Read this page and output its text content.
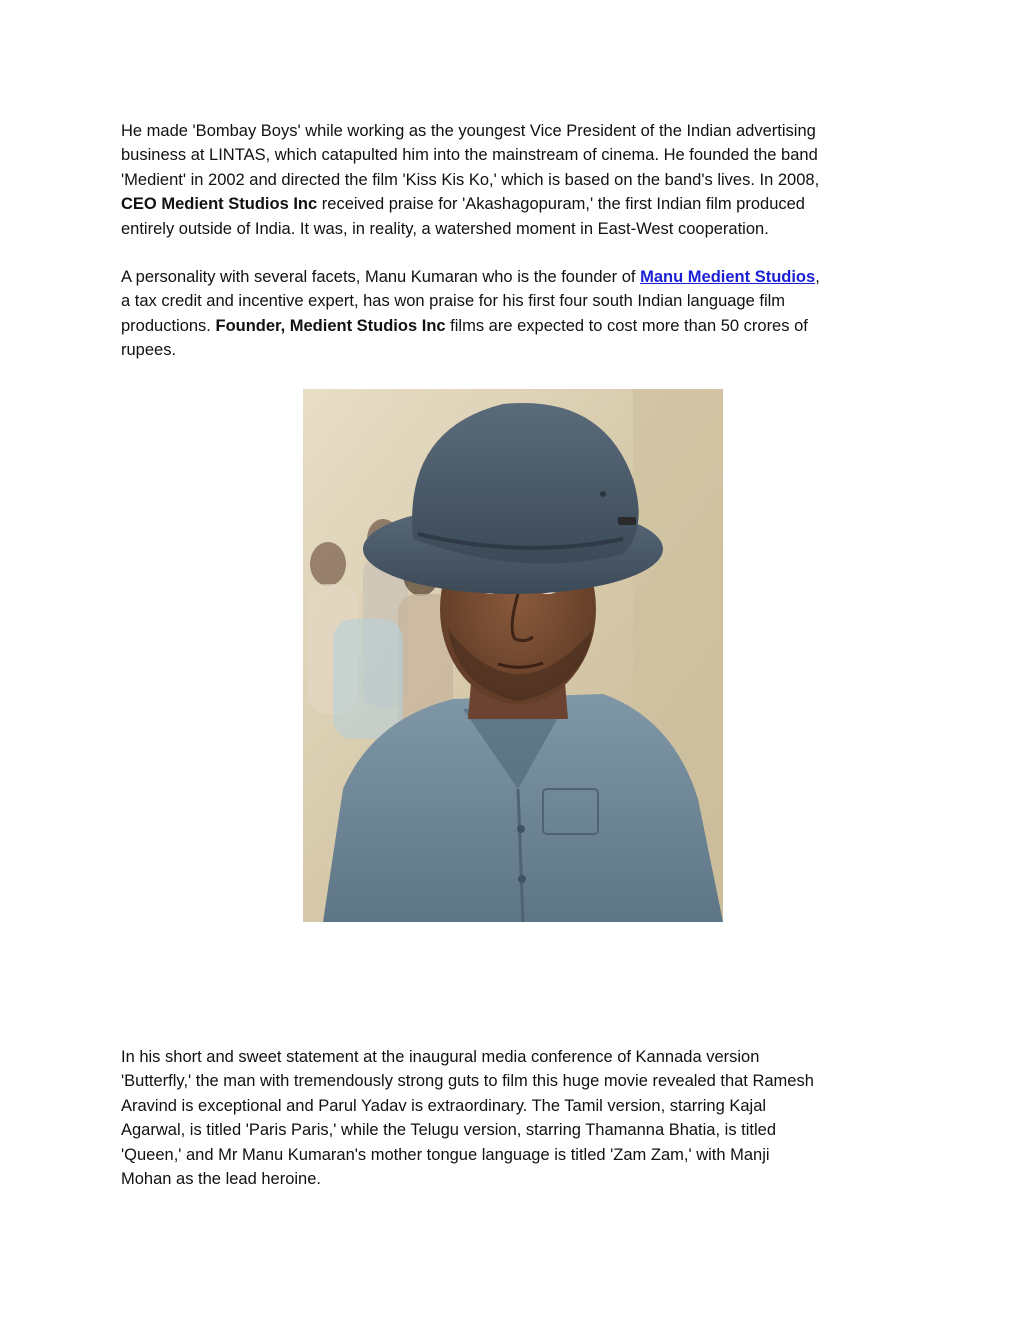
He made 'Bombay Boys' while working as the youngest Vice President of the Indian advertising
business at LINTAS, which catapulted him into the mainstream of cinema. He founded the band
'Medient' in 2002 and directed the film 'Kiss Kis Ko,' which is based on the band's lives. In 2008,
CEO Medient Studios Inc received praise for 'Akashagopuram,' the first Indian film produced
entirely outside of India. It was, in reality, a watershed moment in East-West cooperation.

A personality with several facets, Manu Kumaran who is the founder of Manu Medient Studios,
a tax credit and incentive expert, has won praise for his first four south Indian language film
productions. Founder, Medient Studios Inc films are expected to cost more than 50 crores of
rupees.

In his short and sweet statement at the inaugural media conference of Kannada version
'Butterfly,' the man with tremendously strong guts to film this huge movie revealed that Ramesh
Aravind is exceptional and Parul Yadav is extraordinary. The Tamil version, starring Kajal
Agarwal, is titled 'Paris Paris,' while the Telugu version, starring Thamanna Bhatia, is titled
'Queen,' and Mr Manu Kumaran's mother tongue language is titled 'Zam Zam,' with Manji
Mohan as the lead heroine.
